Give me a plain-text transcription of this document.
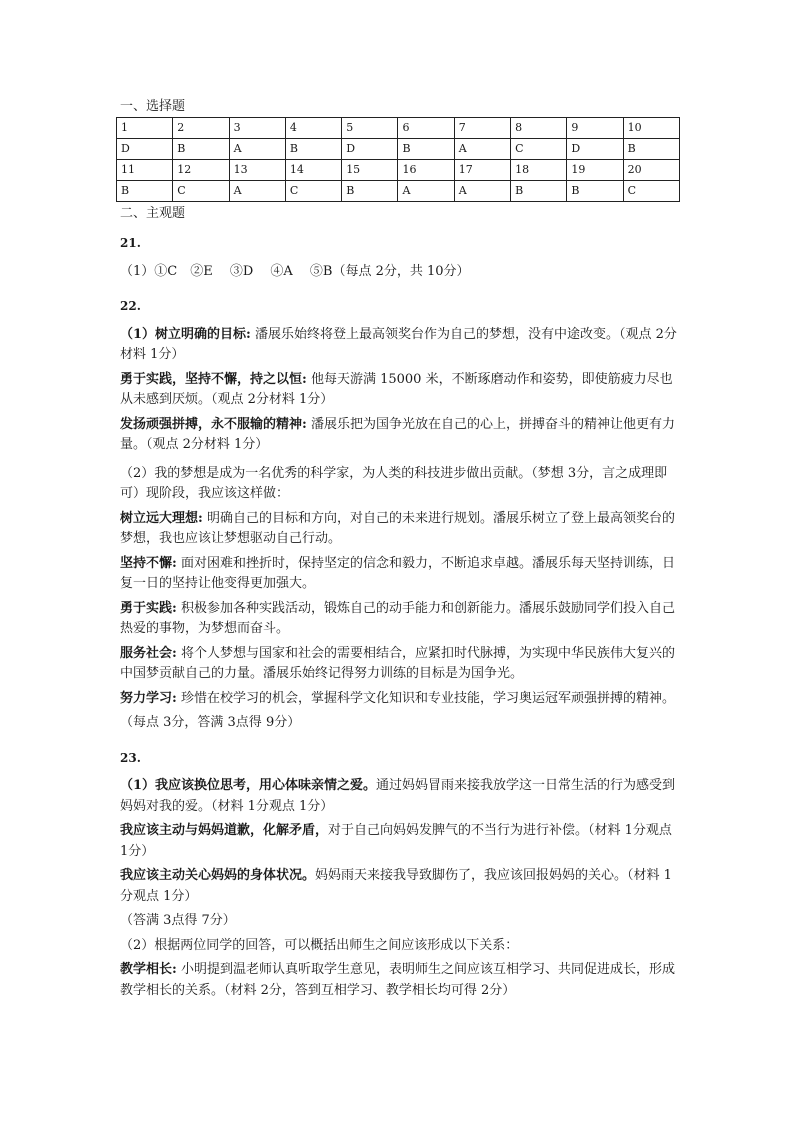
一、选择题
1	2	3	4	5	6	7	8	9	10
D	B	A	B	D	B	A	C	D	B
11	12	13	14	15	16	17	18	19	20
B	C	A	C	B	A	A	B	B	C
二、主观题
21.
（1）①C　②E　 ③D　 ④A　 ⑤B（每点 2分，共 10分）
22.
（1）树立明确的目标: 潘展乐始终将登上最高领奖台作为自己的梦想，没有中途改变。（观点 2分材料 1分）
勇于实践，坚持不懈，持之以恒: 他每天游满 15000 米，不断琢磨动作和姿势，即使筋疲力尽也从未感到厌烦。（观点 2分材料 1分）
发扬顽强拼搏，永不服输的精神: 潘展乐把为国争光放在自己的心上，拼搏奋斗的精神让他更有力量。（观点 2分材料 1分）
（2）我的梦想是成为一名优秀的科学家，为人类的科技进步做出贡献。（梦想 3分，言之成理即可）现阶段，我应该这样做：
树立远大理想: 明确自己的目标和方向，对自己的未来进行规划。潘展乐树立了登上最高领奖台的梦想，我也应该让梦想驱动自己行动。
坚持不懈: 面对困难和挫折时，保持坚定的信念和毅力，不断追求卓越。潘展乐每天坚持训练，日复一日的坚持让他变得更加强大。
勇于实践: 积极参加各种实践活动，锻炼自己的动手能力和创新能力。潘展乐鼓励同学们投入自己热爱的事物，为梦想而奋斗。
服务社会: 将个人梦想与国家和社会的需要相结合，应紧扣时代脉搏，为实现中华民族伟大复兴的中国梦贡献自己的力量。潘展乐始终记得努力训练的目标是为国争光。
努力学习: 珍惜在校学习的机会，掌握科学文化知识和专业技能，学习奥运冠军顽强拼搏的精神。
（每点 3分，答满 3点得 9分）
23.
（1）我应该换位思考，用心体味亲情之爱。通过妈妈冒雨来接我放学这一日常生活的行为感受到妈妈对我的爱。（材料 1分观点 1分）
我应该主动与妈妈道歉，化解矛盾，对于自己向妈妈发脾气的不当行为进行补偿。（材料 1分观点 1分）
我应该主动关心妈妈的身体状况。妈妈雨天来接我导致脚伤了，我应该回报妈妈的关心。（材料 1分观点 1分）
（答满 3点得 7分）
（2）根据两位同学的回答，可以概括出师生之间应该形成以下关系：
教学相长: 小明提到温老师认真听取学生意见，表明师生之间应该互相学习、共同促进成长，形成教学相长的关系。（材料 2分，答到互相学习、教学相长均可得 2分）
